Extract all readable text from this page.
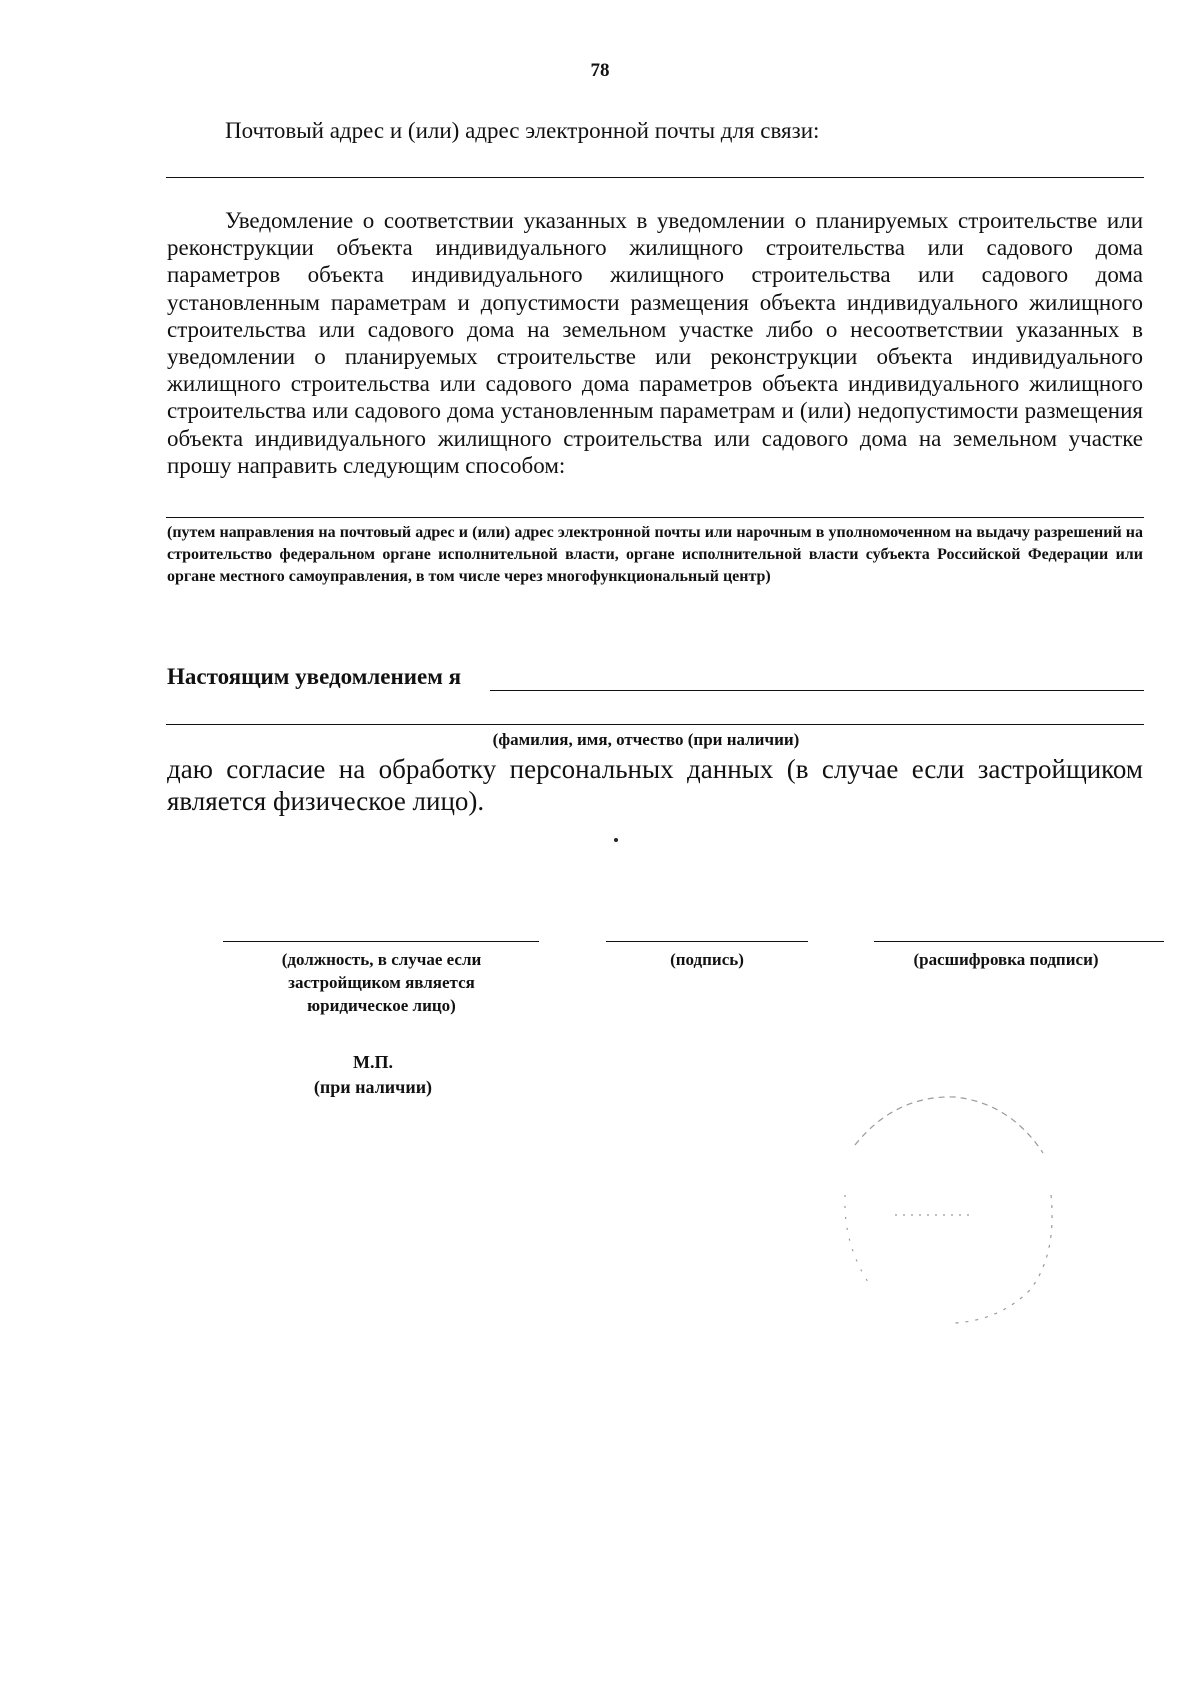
78
Почтовый адрес и (или) адрес электронной почты для связи:
Уведомление о соответствии указанных в уведомлении о планируемых строительстве или реконструкции объекта индивидуального жилищного строительства или садового дома параметров объекта индивидуального жилищного строительства или садового дома установленным параметрам и допустимости размещения объекта индивидуального жилищного строительства или садового дома на земельном участке либо о несоответствии указанных в уведомлении о планируемых строительстве или реконструкции объекта индивидуального жилищного строительства или садового дома параметров объекта индивидуального жилищного строительства или садового дома установленным параметрам и (или) недопустимости размещения объекта индивидуального жилищного строительства или садового дома на земельном участке прошу направить следующим способом:
(путем направления на почтовый адрес и (или) адрес электронной почты или нарочным в уполномоченном на выдачу разрешений на строительство федеральном органе исполнительной власти, органе исполнительной власти субъекта Российской Федерации или органе местного самоуправления, в том числе через многофункциональный центр)
Настоящим уведомлением я
(фамилия, имя, отчество (при наличии)
даю согласие на обработку персональных данных (в случае если застройщиком является физическое лицо).
(должность, в случае если
застройщиком является
юридическое лицо)
(подпись)	(расшифровка подписи)
М.П.
(при наличии)
